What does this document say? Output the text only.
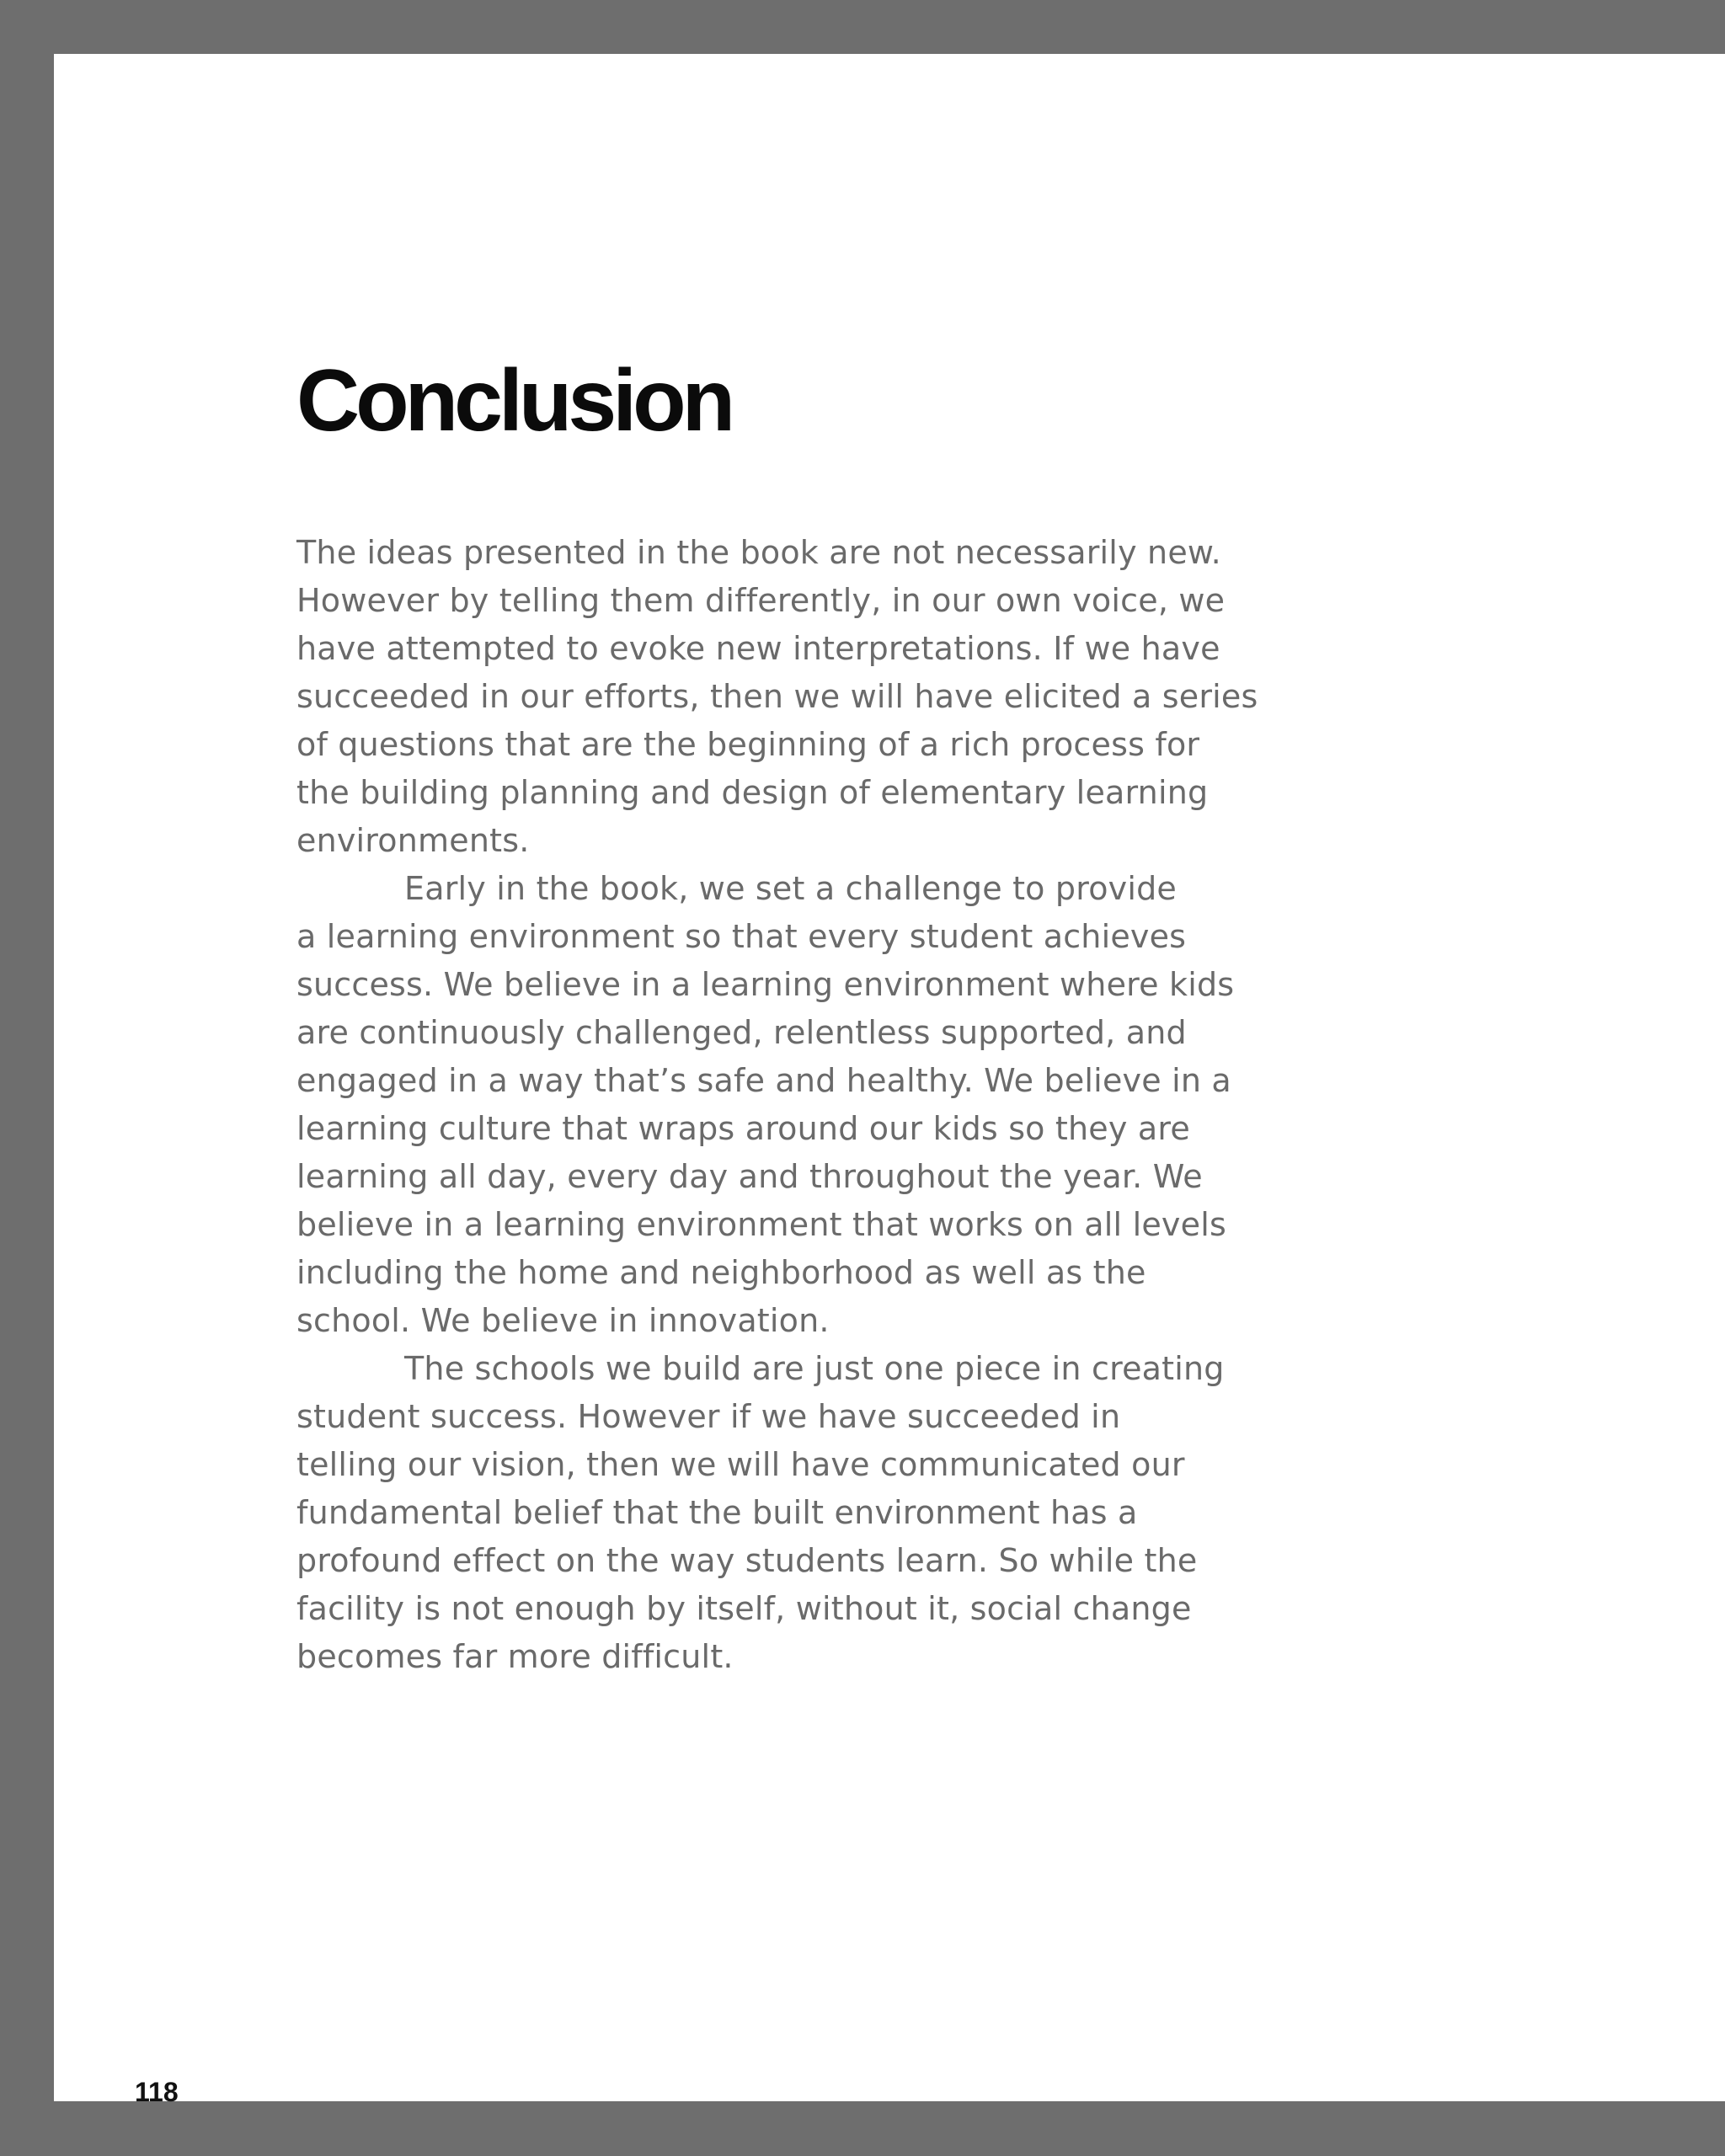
Conclusion

The ideas presented in the book are not necessarily new.
However by telling them differently, in our own voice, we
have attempted to evoke new interpretations. If we have
succeeded in our efforts, then we will have elicited a series
of questions that are the beginning of a rich process for
the building planning and design of elementary learning
environments.

Early in the book, we set a challenge to provide
a learning environment so that every student achieves
success. We believe in a learning environment where kids
are continuously challenged, relentless supported, and
engaged in a way that’s safe and healthy. We believe in a
learning culture that wraps around our kids so they are
learning all day, every day and throughout the year. We
believe in a learning environment that works on all levels
including the home and neighborhood as well as the
school. We believe in innovation.

The schools we build are just one piece in creating
student success. However if we have succeeded in
telling our vision, then we will have communicated our
fundamental belief that the built environment has a
profound effect on the way students learn. So while the
facility is not enough by itself, without it, social change
becomes far more difficult.

118
